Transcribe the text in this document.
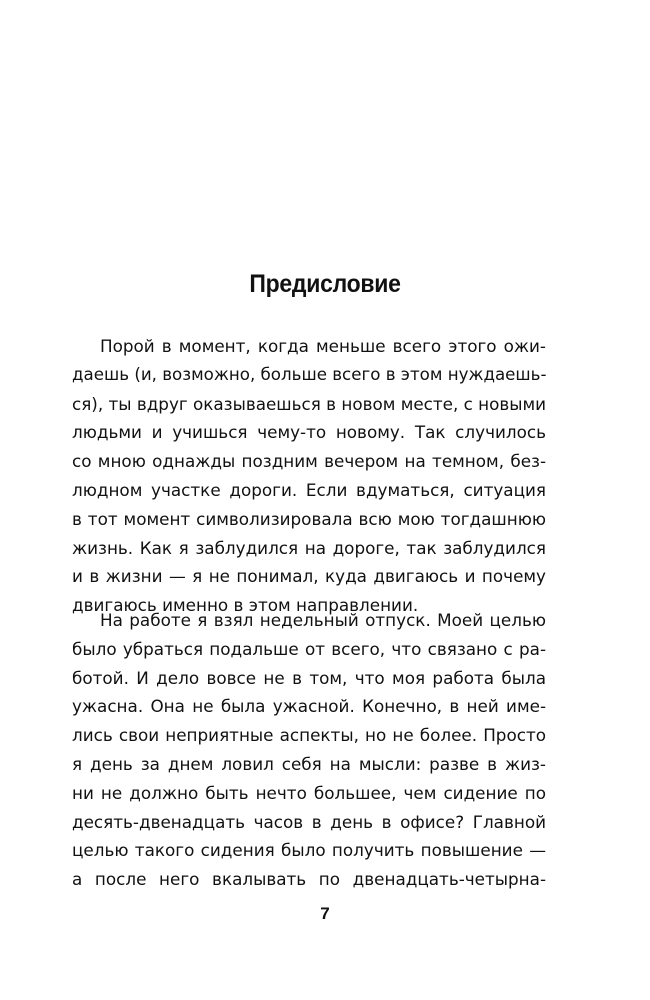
Предисловие
Порой в момент, когда меньше всего этого ожи-
даешь (и, возможно, больше всего в этом нуждаешь-
ся), ты вдруг оказываешься в новом месте, с новыми
людьми и учишься чему-то новому. Так случилось
со мною однажды поздним вечером на темном, без-
людном участке дороги. Если вдуматься, ситуация
в тот момент символизировала всю мою тогдашнюю
жизнь. Как я заблудился на дороге, так заблудился
и в жизни — я не понимал, куда двигаюсь и почему
двигаюсь именно в этом направлении.
На работе я взял недельный отпуск. Моей целью
было убраться подальше от всего, что связано с ра-
ботой. И дело вовсе не в том, что моя работа была
ужасна. Она не была ужасной. Конечно, в ней име-
лись свои неприятные аспекты, но не более. Просто
я день за днем ловил себя на мысли: разве в жиз-
ни не должно быть нечто большее, чем сидение по
десять-двенадцать часов в день в офисе? Главной
целью такого сидения было получить повышение —
а после него вкалывать по двенадцать-четырна-
7
